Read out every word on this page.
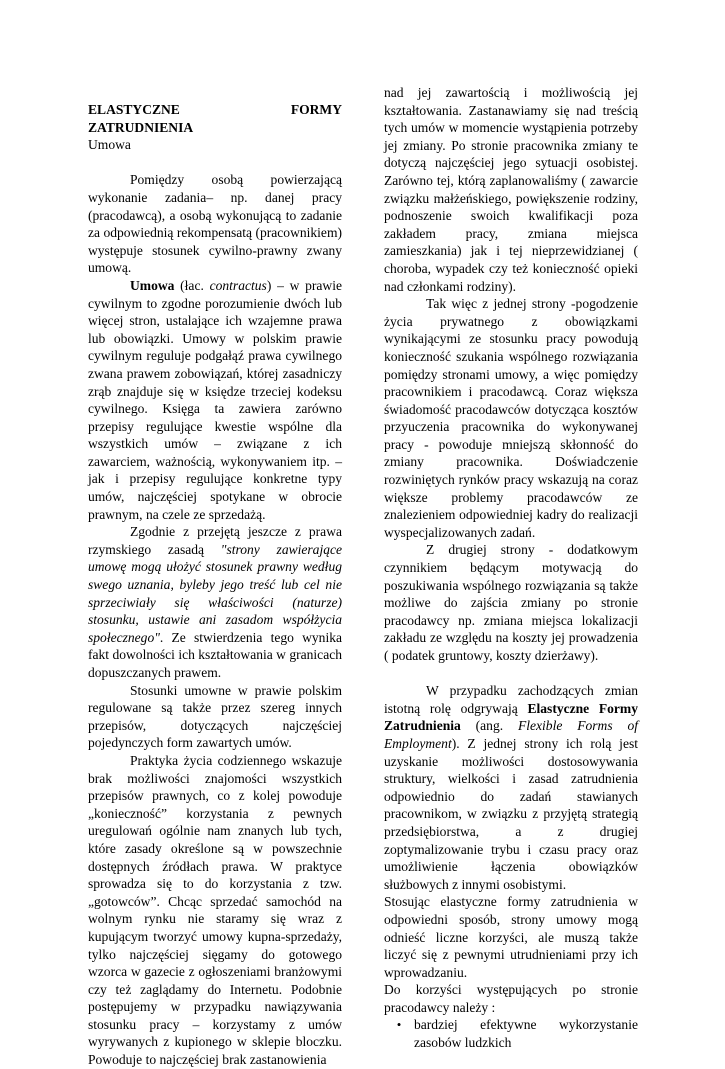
ELASTYCZNE FORMY ZATRUDNIENIA

Umowa

Pomiędzy osobą powierzającą wykonanie zadania– np. danej pracy (pracodawcą), a osobą wykonującą to zadanie za odpowiednią rekompensatą (pracownikiem) występuje stosunek cywilno-prawny zwany umową.

Umowa (łac. contractus) – w prawie cywilnym to zgodne porozumienie dwóch lub więcej stron, ustalające ich wzajemne prawa lub obowiązki. Umowy w polskim prawie cywilnym reguluje podgałąź prawa cywilnego zwana prawem zobowiązań, której zasadniczy zrąb znajduje się w księdze trzeciej kodeksu cywilnego. Księga ta zawiera zarówno przepisy regulujące kwestie wspólne dla wszystkich umów – związane z ich zawarciem, ważnością, wykonywaniem itp. – jak i przepisy regulujące konkretne typy umów, najczęściej spotykane w obrocie prawnym, na czele ze sprzedażą.

Zgodnie z przejętą jeszcze z prawa rzymskiego zasadą "strony zawierające umowę mogą ułożyć stosunek prawny według swego uznania, byleby jego treść lub cel nie sprzeciwiały się właściwości (naturze) stosunku, ustawie ani zasadom współżycia społecznego". Ze stwierdzenia tego wynika fakt dowolności ich kształtowania w granicach dopuszczanych prawem.

Stosunki umowne w prawie polskim regulowane są także przez szereg innych przepisów, dotyczących najczęściej pojedynczych form zawartych umów.

Praktyka życia codziennego wskazuje brak możliwości znajomości wszystkich przepisów prawnych, co z kolej powoduje „konieczność” korzystania z pewnych uregulowań ogólnie nam znanych lub tych, które zasady określone są w powszechnie dostępnych źródłach prawa. W praktyce sprowadza się to do korzystania z tzw. „gotowców”. Chcąc sprzedać samochód na wolnym rynku nie staramy się wraz z kupującym tworzyć umowy kupna-sprzedaży, tylko najczęściej sięgamy do gotowego wzorca w gazecie z ogłoszeniami branżowymi czy też zaglądamy do Internetu. Podobnie postępujemy w przypadku nawiązywania stosunku pracy – korzystamy z umów wyrywanych z kupionego w sklepie bloczku. Powoduje to najczęściej brak zastanowienia

nad jej zawartością i możliwością jej kształtowania. Zastanawiamy się nad treścią tych umów w momencie wystąpienia potrzeby jej zmiany. Po stronie pracownika zmiany te dotyczą najczęściej jego sytuacji osobistej. Zarówno tej, którą zaplanowaliśmy ( zawarcie związku małżeńskiego, powiększenie rodziny, podnoszenie swoich kwalifikacji poza zakładem pracy, zmiana miejsca zamieszkania) jak i tej nieprzewidzianej ( choroba, wypadek czy też konieczność opieki nad członkami rodziny).

Tak więc z jednej strony -pogodzenie życia prywatnego z obowiązkami wynikającymi ze stosunku pracy powodują konieczność szukania wspólnego rozwiązania pomiędzy stronami umowy, a więc pomiędzy pracownikiem i pracodawcą. Coraz większa świadomość pracodawców dotycząca kosztów przyuczenia pracownika do wykonywanej pracy - powoduje mniejszą skłonność do zmiany pracownika. Doświadczenie rozwiniętych rynków pracy wskazują na coraz większe problemy pracodawców ze znalezieniem odpowiedniej kadry do realizacji wyspecjalizowanych zadań.

Z drugiej strony - dodatkowym czynnikiem będącym motywacją do poszukiwania wspólnego rozwiązania są także możliwe do zajścia zmiany po stronie pracodawcy np. zmiana miejsca lokalizacji zakładu ze względu na koszty jej prowadzenia ( podatek gruntowy, koszty dzierżawy).

W przypadku zachodzących zmian istotną rolę odgrywają Elastyczne Formy Zatrudnienia (ang. Flexible Forms of Employment). Z jednej strony ich rolą jest uzyskanie możliwości dostosowywania struktury, wielkości i zasad zatrudnienia odpowiednio do zadań stawianych pracownikom, w związku z przyjętą strategią przedsiębiorstwa, a z drugiej zoptymalizowanie trybu i czasu pracy oraz umożliwienie łączenia obowiązków służbowych z innymi osobistymi.

Stosując elastyczne formy zatrudnienia w odpowiedni sposób, strony umowy mogą odnieść liczne korzyści, ale muszą także liczyć się z pewnymi utrudnieniami przy ich wprowadzaniu.

Do korzyści występujących po stronie pracodawcy należy :

• bardziej efektywne wykorzystanie zasobów ludzkich
